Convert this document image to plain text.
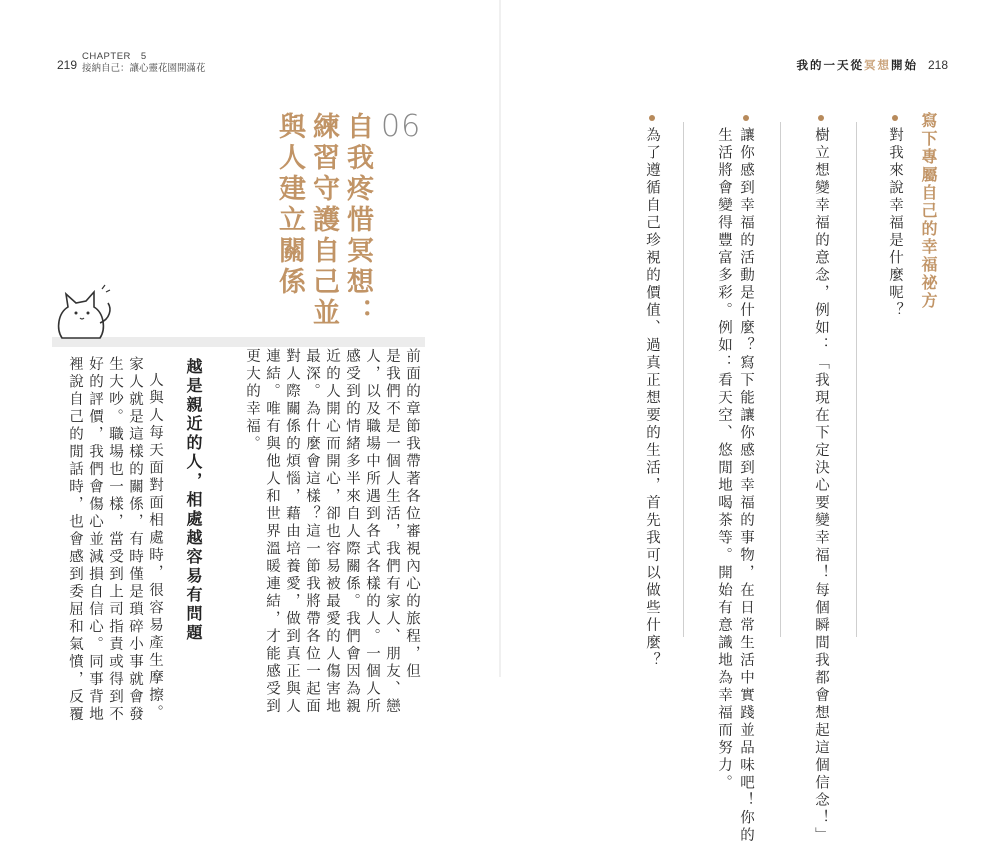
219
CHAPTER　5
接納自己：讓心靈花園開滿花
06
自我疼惜冥想：
練習守護自己並
與人建立關係
前面的章節我帶著各位審視內心的旅程，但
是我們不是一個人生活，我們有家人、朋友、戀
人，以及職場中所遇到各式各樣的人。一個人所
感受到的情緒多半來自人際關係。我們會因為親
近的人開心而開心，卻也容易被最愛的人傷害地
最深。為什麼會這樣？這一節我將帶各位一起面
對人際關係的煩惱，藉由培養愛，做到真正與人
連結。唯有與他人和世界溫暖連結，才能感受到
更大的幸福。
越是親近的人，相處越容易有問題
人與人每天面對面相處時，很容易產生摩擦。
家人就是這樣的關係，有時僅是瑣碎小事就會發
生大吵。職場也一樣，當受到上司指責或得到不
好的評價，我們會傷心並減損自信心。同事背地
裡說自己的閒話時，也會感到委屈和氣憤，反覆
我的一天從冥想開始 218
寫下專屬自己的幸福祕方
對我來說幸福是什麼呢？
樹立想變幸福的意念，例如：「我現在下定決心要變幸福！每個瞬間我都會想起這個信念！」
讓你感到幸福的活動是什麼？寫下能讓你感到幸福的事物，在日常生活中實踐並品味吧！你的
生活將會變得豐富多彩。例如：看天空、悠閒地喝茶等。開始有意識地為幸福而努力。
為了遵循自己珍視的價值、過真正想要的生活，首先我可以做些什麼？
